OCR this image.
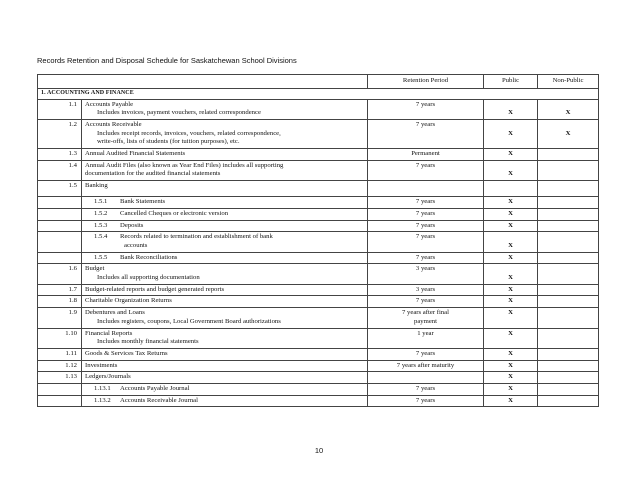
Records Retention and Disposal Schedule for Saskatchewan School Divisions
		Retention Period	Public	Non-Public
1. ACCOUNTING AND FINANCE				
1.1	Accounts Payable
Includes invoices, payment vouchers, related correspondence	7 years	X	X
1.2	Accounts Receivable
Includes receipt records, invoices, vouchers, related correspondence,
write-offs, lists of students (for tuition purposes), etc.	7 years	X	X
1.3	Annual Audited Financial Statements	Permanent	X	
1.4	Annual Audit Files (also known as Year End Files) includes all supporting
documentation for the audited financial statements	7 years	X	
1.5	Banking			
	1.5.1 Bank Statements	7 years	X	
	1.5.2 Cancelled Cheques or electronic version	7 years	X	
	1.5.3 Deposits	7 years	X	
	1.5.4 Records related to termination and establishment of bank
accounts	7 years	X	
	1.5.5 Bank Reconciliations	7 years	X	
1.6	Budget
Includes all supporting documentation	3 years	X	
1.7	Budget-related reports and budget generated reports	3 years	X	
1.8	Charitable Organization Returns	7 years	X	
1.9	Debentures and Loans
Includes registers, coupons, Local Government Board authorizations	7 years after final
payment	X	
1.10	Financial Reports
Includes monthly financial statements	1 year	X	
1.11	Goods & Services Tax Returns	7 years	X	
1.12	Investments	7 years after maturity	X	
1.13	Ledgers/Journals		X	
	1.13.1 Accounts Payable Journal	7 years	X	
	1.13.2 Accounts Receivable Journal	7 years	X	
10
